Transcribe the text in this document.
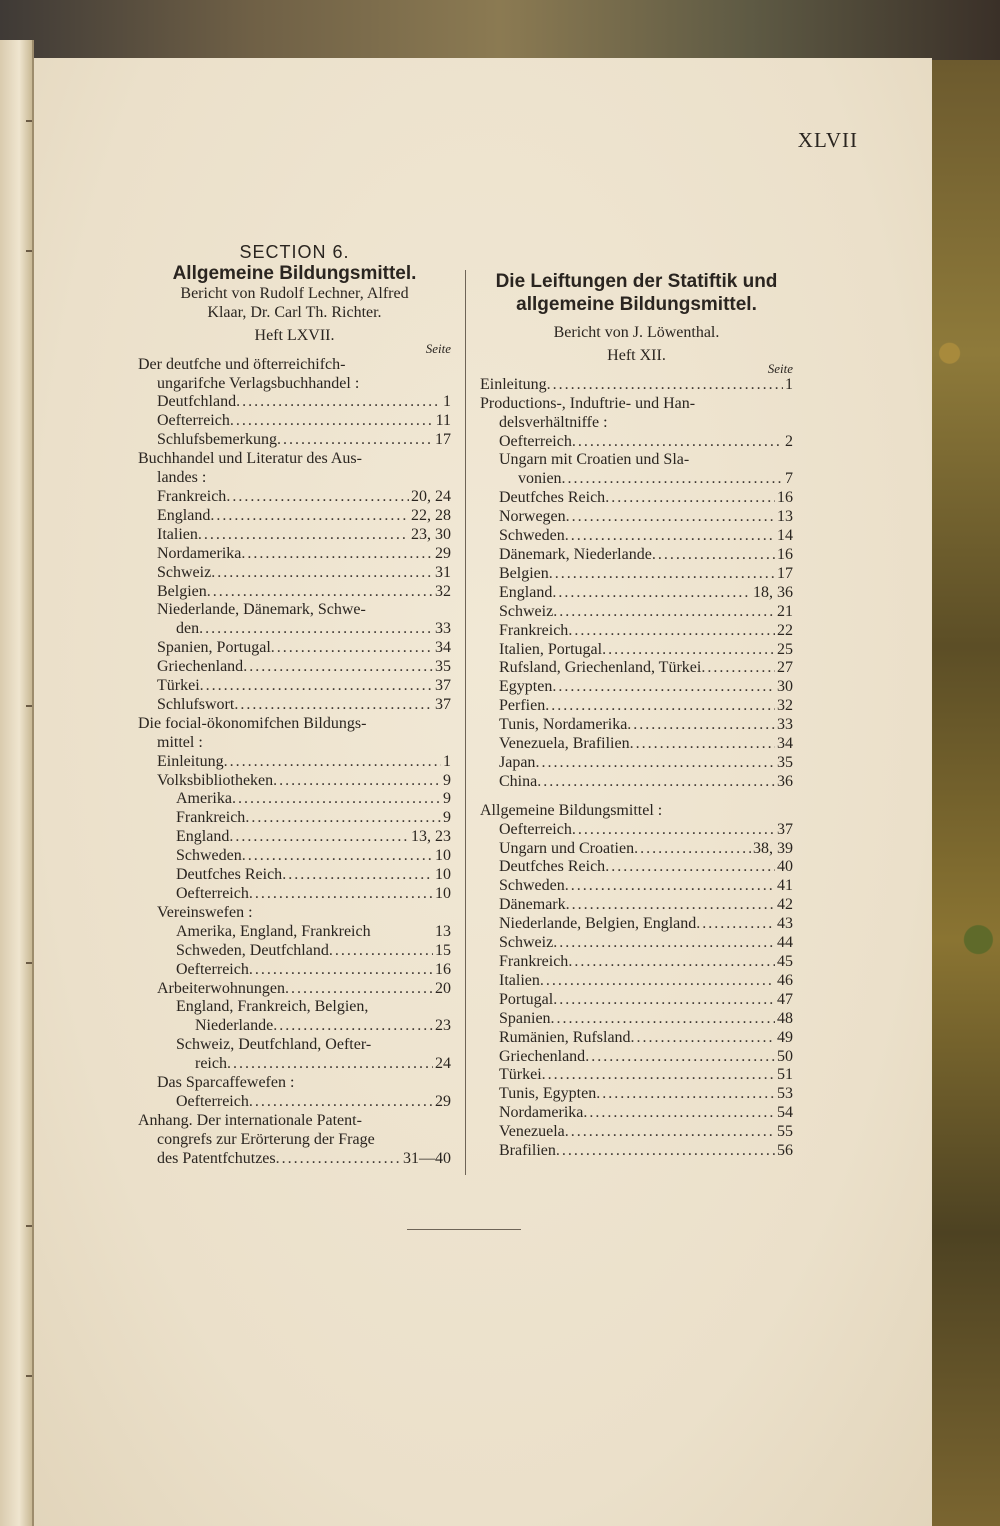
XLVII
SECTION 6.
Allgemeine Bildungsmittel.
Bericht von Rudolf Lechner, Alfred
Klaar, Dr. Carl Th. Richter.
Heft LXVII.
Seite
Der deutfche und öfterreichifch-
ungarifche Verlagsbuchhandel :
Deutfchland . . .	1
Oefterreich . . .	11
Schlufsbemerkung . . .	17
Buchhandel und Literatur des Aus-
landes :
Frankreich . . .	20, 24
England . . .	22, 28
Italien . . .	23, 30
Nordamerika . . .	29
Schweiz . . .	31
Belgien . . .	32
Niederlande, Dänemark, Schwe-
den . . .	33
Spanien, Portugal . . .	34
Griechenland . . .	35
Türkei . . .	37
Schlufswort . . .	37
Die focial-ökonomifchen Bildungs-
mittel :
Einleitung . . .	1
Volksbibliotheken . . .	9
Amerika . . .	9
Frankreich . . .	9
England . . .	13, 23
Schweden . . .	10
Deutfches Reich . . .	10
Oefterreich . . .	10
Vereinswefen :
Amerika, England, Frankreich	13
Schweden, Deutfchland . . .	15
Oefterreich . . .	16
Arbeiterwohnungen . . .	20
England, Frankreich, Belgien,
Niederlande . . .	23
Schweiz, Deutfchland, Oefter-
reich . . .	24
Das Sparcaffewefen :
Oefterreich . . .	29
Anhang. Der internationale Patent-
congrefs zur Erörterung der Frage
des Patentfchutzes . . .	31—40
Die Leiftungen der Statiftik und
allgemeine Bildungsmittel.
Bericht von J. Löwenthal.
Heft XII.
Seite
Einleitung . . .	1
Productions-, Induftrie- und Han-
delsverhältniffe :
Oefterreich . . .	2
Ungarn mit Croatien und Sla-
vonien . . .	7
Deutfches Reich . . .	16
Norwegen . . .	13
Schweden . . .	14
Dänemark, Niederlande . . .	16
Belgien . . .	17
England . . .	18, 36
Schweiz . . .	21
Frankreich . . .	22
Italien, Portugal . . .	25
Rufsland, Griechenland, Türkei . . .	27
Egypten . . .	30
Perfien . . .	32
Tunis, Nordamerika . . .	33
Venezuela, Brafilien . . .	34
Japan . . .	35
China . . .	36
Allgemeine Bildungsmittel :
Oefterreich . . .	37
Ungarn und Croatien . . .	38, 39
Deutfches Reich . . .	40
Schweden . . .	41
Dänemark . . .	42
Niederlande, Belgien, England . . .	43
Schweiz . . .	44
Frankreich . . .	45
Italien . . .	46
Portugal . . .	47
Spanien . . .	48
Rumänien, Rufsland . . .	49
Griechenland . . .	50
Türkei . . .	51
Tunis, Egypten . . .	53
Nordamerika . . .	54
Venezuela . . .	55
Brafilien . . .	56
